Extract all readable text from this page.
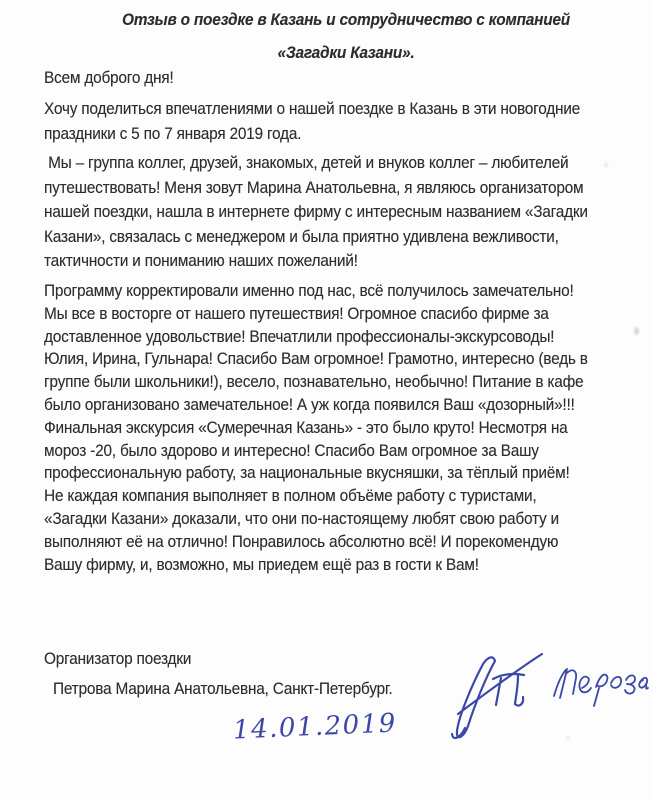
Отзыв о поездке в Казань и сотрудничество с компанией
«Загадки Казани».
Всем доброго дня!
Хочу поделиться впечатлениями о нашей поездке в Казань в эти новогодние
праздники с 5 по 7 января 2019 года.
Мы – группа коллег, друзей, знакомых, детей и внуков коллег – любителей
путешествовать! Меня зовут Марина Анатольевна, я являюсь организатором
нашей поездки, нашла в интернете фирму с интересным названием «Загадки
Казани», связалась с менеджером и была приятно удивлена вежливости,
тактичности и пониманию наших пожеланий!
Программу корректировали именно под нас, всё получилось замечательно!
Мы все в восторге от нашего путешествия! Огромное спасибо фирме за
доставленное удовольствие! Впечатлили профессионалы-экскурсоводы!
Юлия, Ирина, Гульнара! Спасибо Вам огромное! Грамотно, интересно (ведь в
группе были школьники!), весело, познавательно, необычно! Питание в кафе
было организовано замечательное! А уж когда появился Ваш «дозорный»!!!
Финальная экскурсия «Сумеречная Казань» - это было круто! Несмотря на
мороз -20, было здорово и интересно! Спасибо Вам огромное за Вашу
профессиональную работу, за национальные вкусняшки, за тёплый приём!
Не каждая компания выполняет в полном объёме работу с туристами,
«Загадки Казани» доказали, что они по-настоящему любят свою работу и
выполняют её на отлично! Понравилось абсолютно всё! И порекомендую
Вашу фирму, и, возможно, мы приедем ещё раз в гости к Вам!
Организатор поездки
Петрова Марина Анатольевна, Санкт-Петербург.
14.01.2019
